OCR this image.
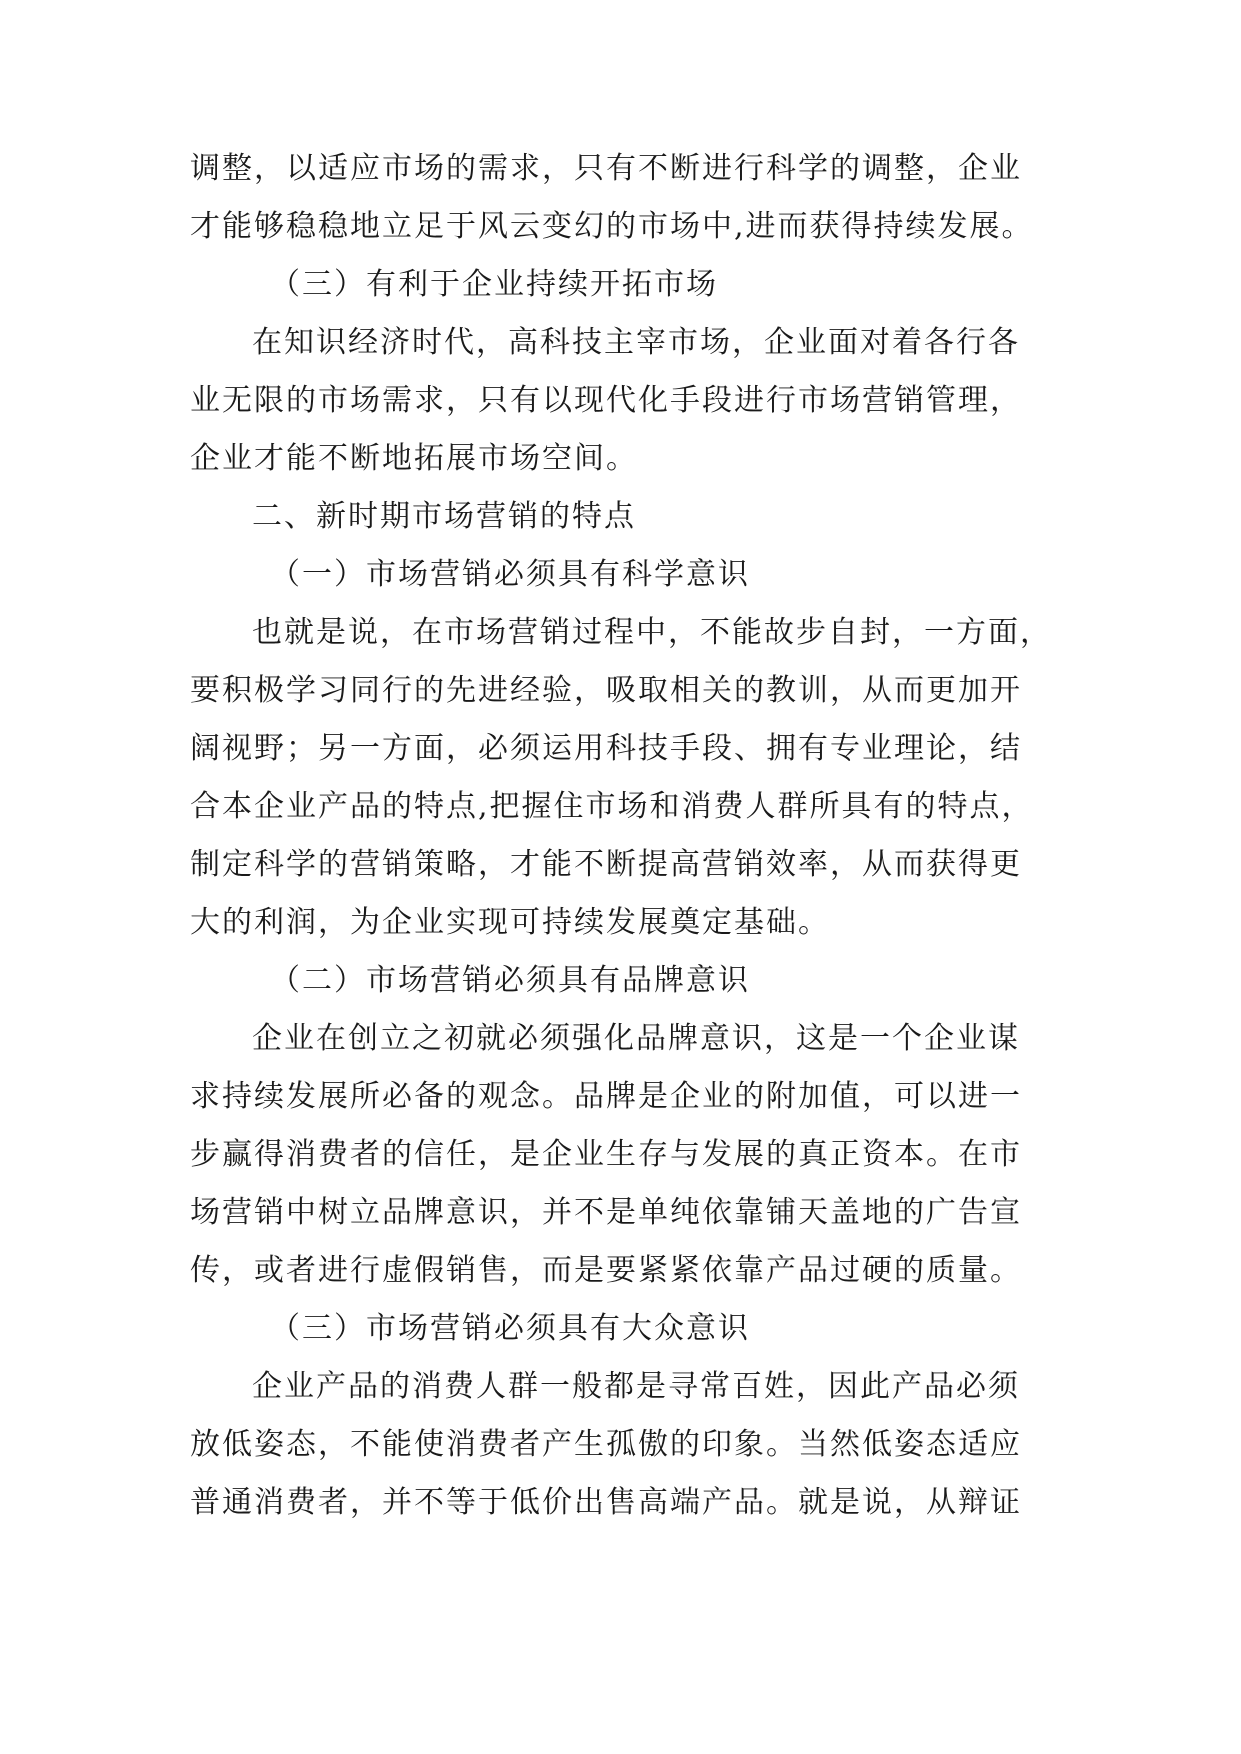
调整，以适应市场的需求，只有不断进行科学的调整，企业
才能够稳稳地立足于风云变幻的市场中,进而获得持续发展。
（三）有利于企业持续开拓市场
在知识经济时代，高科技主宰市场，企业面对着各行各
业无限的市场需求，只有以现代化手段进行市场营销管理，
企业才能不断地拓展市场空间。
二、新时期市场营销的特点
（一）市场营销必须具有科学意识
也就是说，在市场营销过程中，不能故步自封，一方面，
要积极学习同行的先进经验，吸取相关的教训，从而更加开
阔视野；另一方面，必须运用科技手段、拥有专业理论，结
合本企业产品的特点,把握住市场和消费人群所具有的特点，
制定科学的营销策略，才能不断提高营销效率，从而获得更
大的利润，为企业实现可持续发展奠定基础。
（二）市场营销必须具有品牌意识
企业在创立之初就必须强化品牌意识，这是一个企业谋
求持续发展所必备的观念。品牌是企业的附加值，可以进一
步赢得消费者的信任，是企业生存与发展的真正资本。在市
场营销中树立品牌意识，并不是单纯依靠铺天盖地的广告宣
传，或者进行虚假销售，而是要紧紧依靠产品过硬的质量。
（三）市场营销必须具有大众意识
企业产品的消费人群一般都是寻常百姓，因此产品必须
放低姿态，不能使消费者产生孤傲的印象。当然低姿态适应
普通消费者，并不等于低价出售高端产品。就是说，从辩证
